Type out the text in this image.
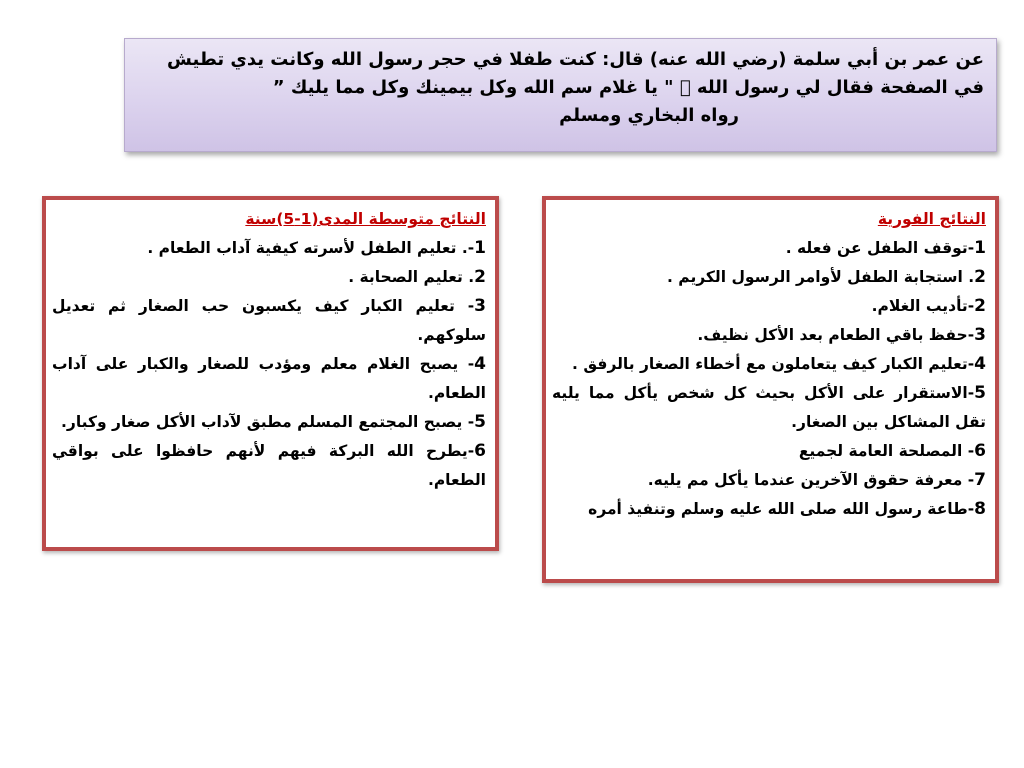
عن عمر بن أبي سلمة (رضي الله عنه) قال: كنت طفلا في حجر رسول الله وكانت يدي تطيش
في الصفحة فقال لي رسول الله " يا غلام سم الله وكل بيمينك وكل مما يليك ”
رواه البخاري ومسلم
النتائج الفورية
1-توقف الطفل عن فعله .
2. استجابة الطفل لأوامر الرسول الكريم .
2-تأديب الغلام.
3-حفظ باقي الطعام بعد الأكل نظيف.
4-تعليم الكبار كيف يتعاملون مع أخطاء الصغار بالرفق .
5-الاستقرار على الأكل بحيث كل شخص يأكل مما يليه تقل المشاكل بين الصغار.
6- المصلحة العامة لجميع
7- معرفة حقوق الآخرين عندما يأكل مم يليه.
8-طاعة رسول الله صلى الله عليه وسلم وتنفيذ أمره
النتائج متوسطة المدى(1-5)سنة
1-. تعليم الطفل لأسرته كيفية آداب الطعام .
2. تعليم الصحابة .
3- تعليم الكبار كيف يكسبون حب الصغار ثم تعديل سلوكهم.
4- يصبح الغلام معلم ومؤدب للصغار والكبار على آداب الطعام.
5- يصبح المجتمع المسلم مطبق لآداب الأكل صغار وكبار.
6-يطرح الله البركة فيهم لأنهم حافظوا على بواقي الطعام.
